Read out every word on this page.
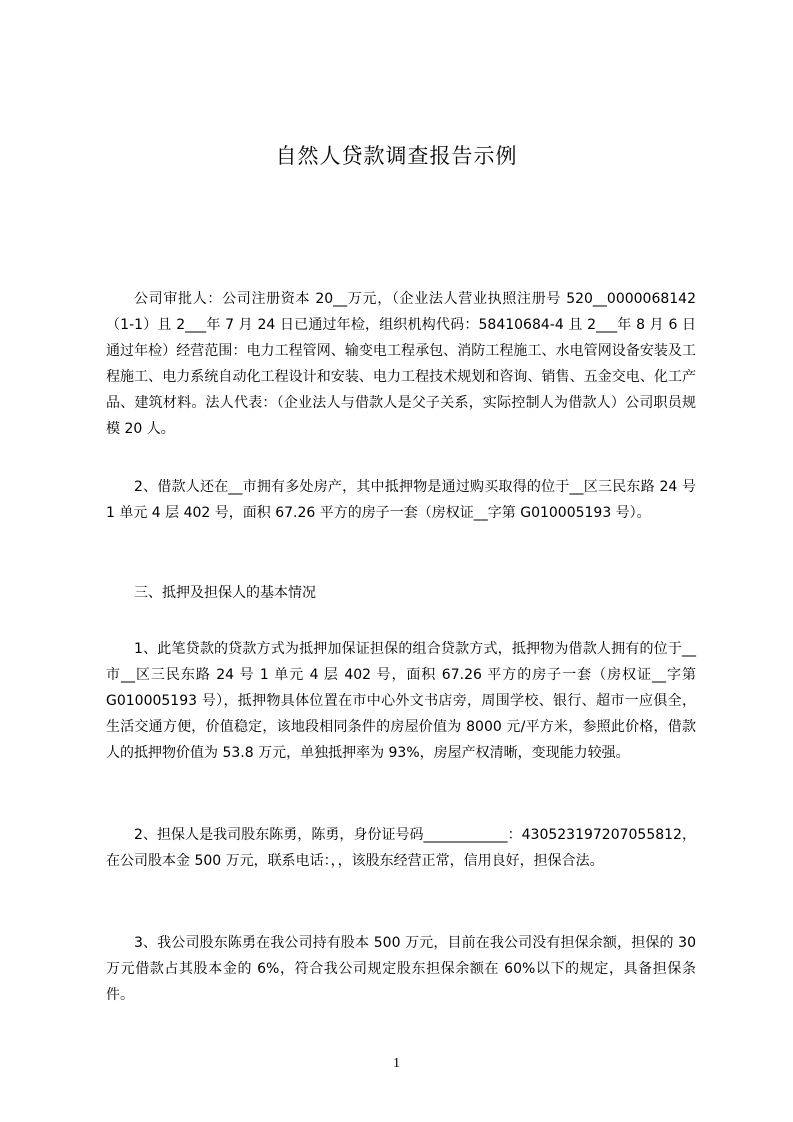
自然人贷款调查报告示例

公司审批人：公司注册资本 20__万元，（企业法人营业执照注册号 520__0000068142（1-1）且 2___年 7 月 24 日已通过年检，组织机构代码：58410684-4 且 2___年 8 月 6 日通过年检）经营范围：电力工程管网、输变电工程承包、消防工程施工、水电管网设备安装及工程施工、电力系统自动化工程设计和安装、电力工程技术规划和咨询、销售、五金交电、化工产品、建筑材料。法人代表：（企业法人与借款人是父子关系，实际控制人为借款人）公司职员规模 20 人。

2、借款人还在__市拥有多处房产，其中抵押物是通过购买取得的位于__区三民东路 24 号 1 单元 4 层 402 号，面积 67.26 平方的房子一套（房权证__字第 G010005193 号）。

三、抵押及担保人的基本情况

1、此笔贷款的贷款方式为抵押加保证担保的组合贷款方式，抵押物为借款人拥有的位于__市__区三民东路 24 号 1 单元 4 层 402 号，面积 67.26 平方的房子一套（房权证__字第 G010005193 号），抵押物具体位置在市中心外文书店旁，周围学校、银行、超市一应俱全，生活交通方便，价值稳定，该地段相同条件的房屋价值为 8000 元/平方米，参照此价格，借款人的抵押物价值为 53.8 万元，单独抵押率为 93%，房屋产权清晰，变现能力较强。

2、担保人是我司股东陈勇，陈勇，身份证号码____________：430523197207055812，在公司股本金 500 万元，联系电话：，，该股东经营正常，信用良好，担保合法。

3、我公司股东陈勇在我公司持有股本 500 万元，目前在我公司没有担保余额，担保的 30 万元借款占其股本金的 6%，符合我公司规定股东担保余额在 60%以下的规定，具备担保条件。

1
